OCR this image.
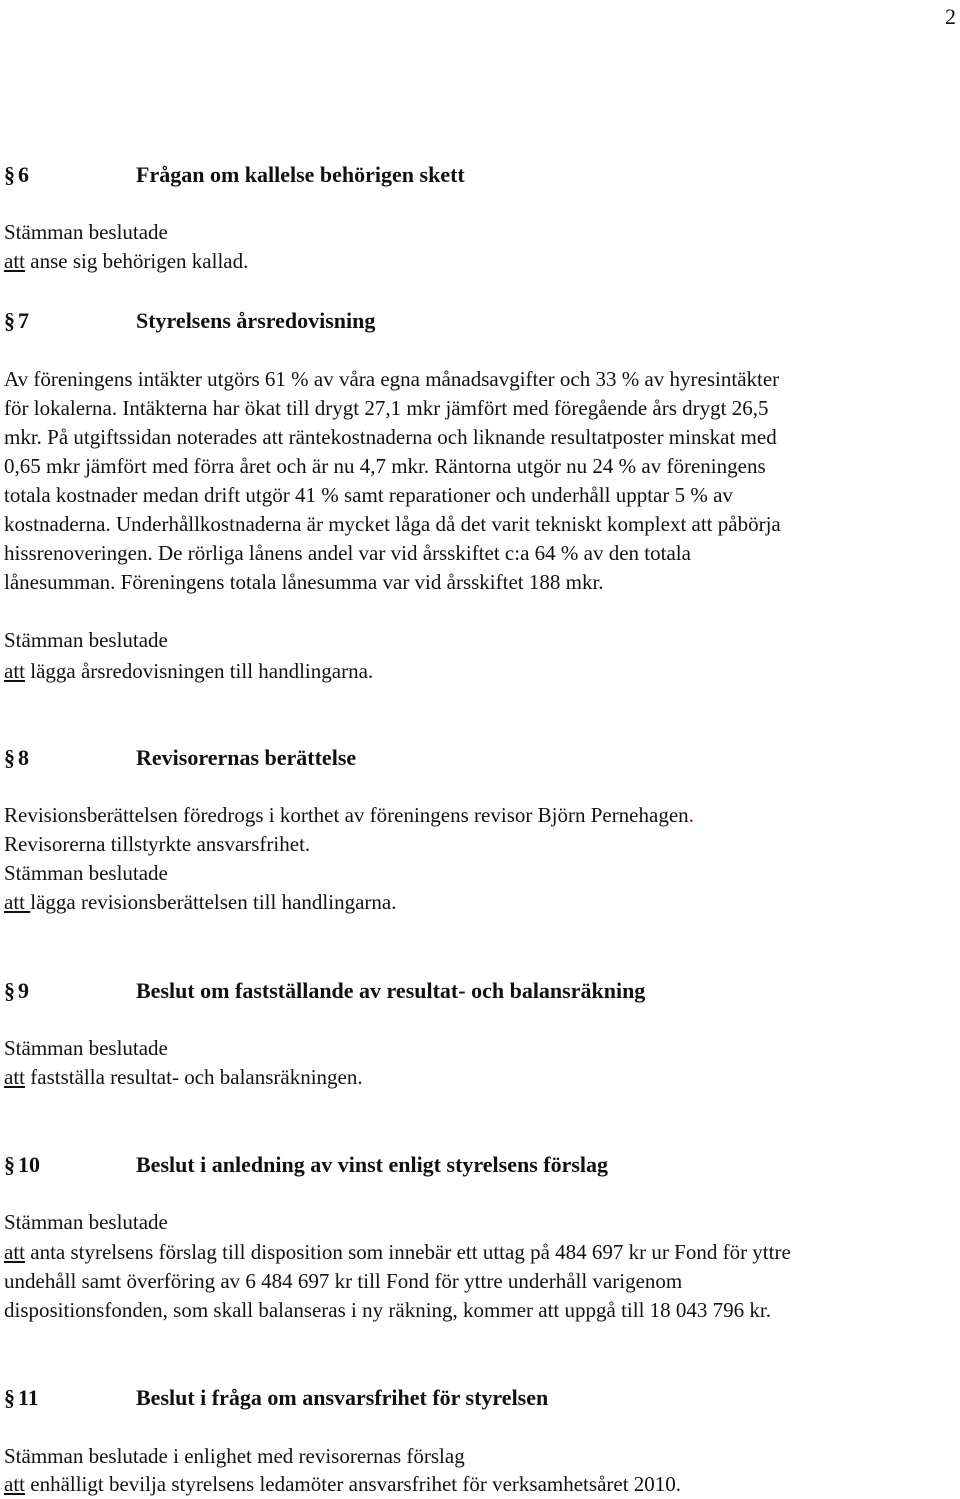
2
§ 6	Frågan om kallelse behörigen skett
Stämman beslutade
att anse sig behörigen kallad.
§ 7	Styrelsens årsredovisning
Av föreningens intäkter utgörs 61 % av våra egna månadsavgifter och 33 % av hyresintäkter
för lokalerna. Intäkterna har ökat till drygt 27,1 mkr jämfört med föregående års drygt 26,5
mkr. På utgiftssidan noterades att räntekostnaderna och liknande resultatposter minskat med
0,65 mkr jämfört med förra året och är nu 4,7 mkr. Räntorna utgör nu 24 % av föreningens
totala kostnader medan drift utgör 41 % samt reparationer och underhåll upptar 5 % av
kostnaderna. Underhållkostnaderna är mycket låga då det varit tekniskt komplext att påbörja
hissrenoveringen. De rörliga lånens andel var vid årsskiftet c:a 64 % av den totala
lånesumman. Föreningens totala lånesumma var vid årsskiftet 188 mkr.
Stämman beslutade
att lägga årsredovisningen till handlingarna.
§ 8	Revisorernas berättelse
Revisionsberättelsen föredrogs i korthet av föreningens revisor Björn Pernehagen.
Revisorerna tillstyrkte ansvarsfrihet.
Stämman beslutade
att lägga revisionsberättelsen till handlingarna.
§ 9	Beslut om fastställande av resultat- och balansräkning
Stämman beslutade
att fastställa resultat- och balansräkningen.
§ 10	Beslut i anledning av vinst enligt styrelsens förslag
Stämman beslutade
att anta styrelsens förslag till disposition som innebär ett uttag på 484 697 kr ur Fond för yttre
undehåll samt överföring av 6 484 697 kr till Fond för yttre underhåll varigenom
dispositionsfonden, som skall balanseras i ny räkning, kommer att uppgå till 18 043 796 kr.
§ 11	Beslut i fråga om ansvarsfrihet för styrelsen
Stämman beslutade i enlighet med revisorernas förslag
att enhälligt bevilja styrelsens ledamöter ansvarsfrihet för verksamhetsåret 2010.
